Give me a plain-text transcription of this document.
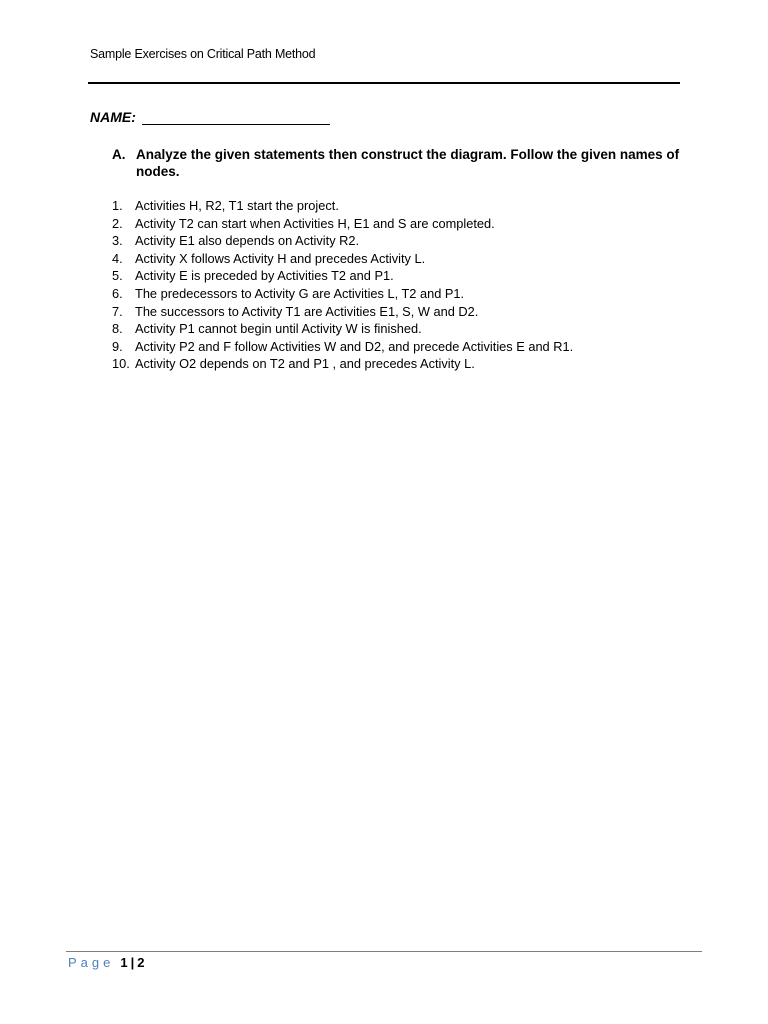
Sample Exercises on Critical Path Method
NAME:
A. Analyze the given statements then construct the diagram. Follow the given names of nodes.
1. Activities H, R2, T1 start the project.
2. Activity T2 can start when Activities H, E1 and S are completed.
3. Activity E1 also depends on Activity R2.
4. Activity X follows Activity H and precedes Activity L.
5. Activity E is preceded by Activities T2 and P1.
6. The predecessors to Activity G are Activities L, T2 and P1.
7. The successors to Activity T1 are Activities E1, S, W and D2.
8. Activity P1 cannot begin until Activity W is finished.
9. Activity P2 and F follow Activities W and D2, and precede Activities E and R1.
10. Activity O2 depends on T2 and P1 , and precedes Activity L.
Page 1 | 2
